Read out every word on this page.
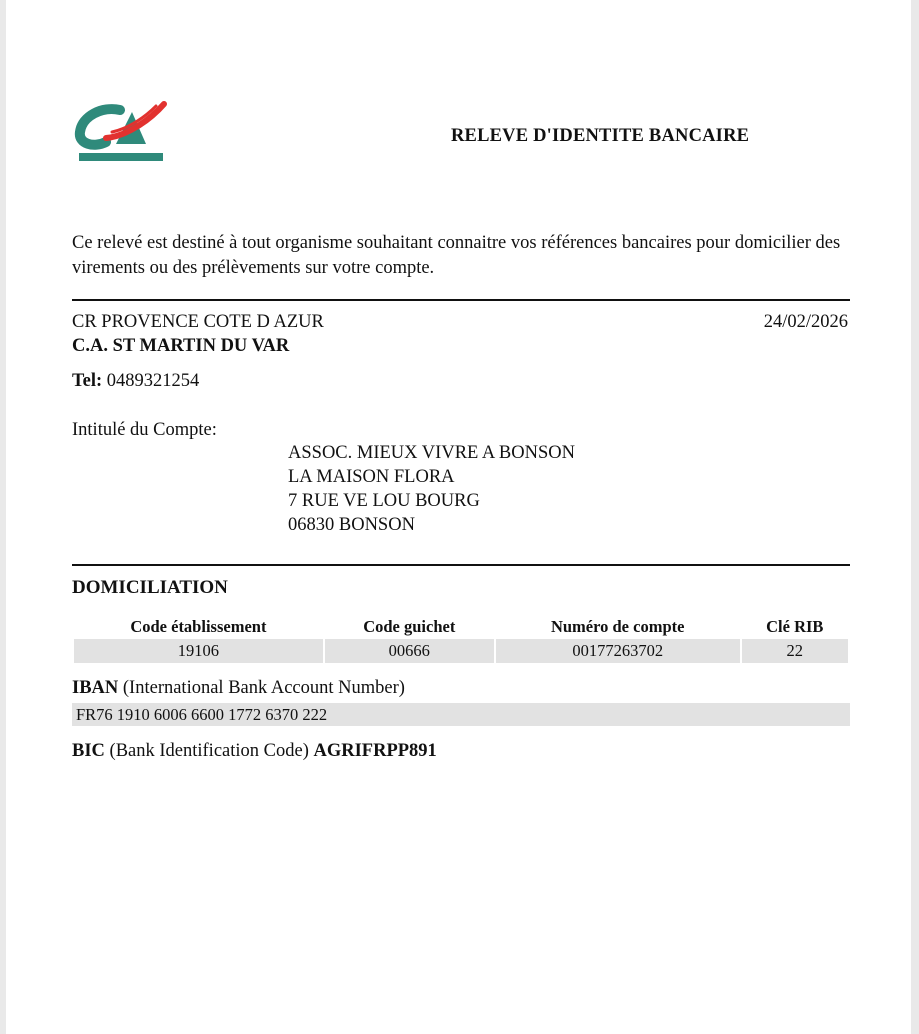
RELEVE D'IDENTITE BANCAIRE
Ce relevé est destiné à tout organisme souhaitant connaitre vos références bancaires pour domicilier des virements ou des prélèvements sur votre compte.
CR PROVENCE COTE D AZUR
C.A. ST MARTIN DU VAR
24/02/2026
Tel: 0489321254
Intitulé du Compte:
ASSOC. MIEUX VIVRE A BONSON
LA MAISON FLORA
7 RUE VE LOU BOURG
06830 BONSON
DOMICILIATION
Code établissement	Code guichet	Numéro de compte	Clé RIB
19106	00666	00177263702	22
IBAN (International Bank Account Number)
FR76 1910 6006 6600 1772 6370 222
BIC (Bank Identification Code) AGRIFRPP891
